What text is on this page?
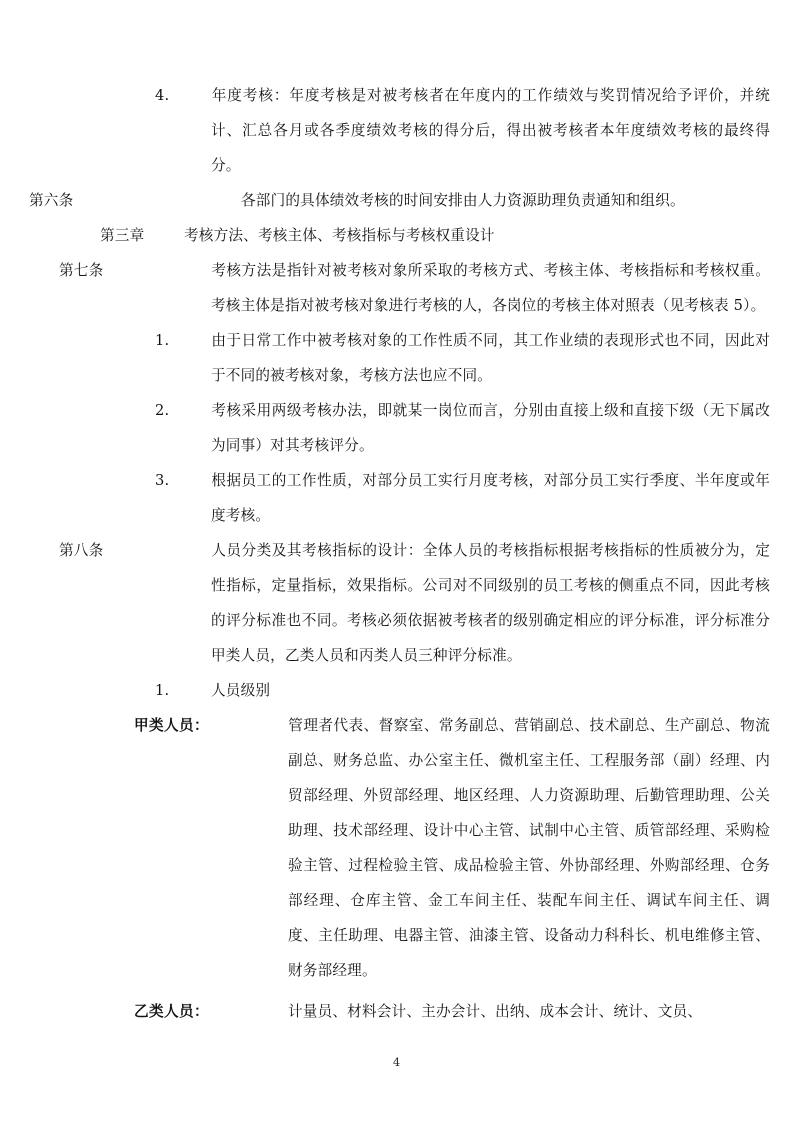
4.	年度考核：年度考核是对被考核者在年度内的工作绩效与奖罚情况给予评价，并统计、汇总各月或各季度绩效考核的得分后，得出被考核者本年度绩效考核的最终得分。

第六条	各部门的具体绩效考核的时间安排由人力资源助理负责通知和组织。

第三章	考核方法、考核主体、考核指标与考核权重设计

第七条	考核方法是指针对被考核对象所采取的考核方式、考核主体、考核指标和考核权重。考核主体是指对被考核对象进行考核的人，各岗位的考核主体对照表（见考核表 5）。

1.	由于日常工作中被考核对象的工作性质不同，其工作业绩的表现形式也不同，因此对于不同的被考核对象，考核方法也应不同。

2.	考核采用两级考核办法，即就某一岗位而言，分别由直接上级和直接下级（无下属改为同事）对其考核评分。

3.	根据员工的工作性质，对部分员工实行月度考核，对部分员工实行季度、半年度或年度考核。

第八条	人员分类及其考核指标的设计：全体人员的考核指标根据考核指标的性质被分为，定性指标，定量指标，效果指标。公司对不同级别的员工考核的侧重点不同，因此考核的评分标准也不同。考核必须依据被考核者的级别确定相应的评分标准，评分标准分甲类人员，乙类人员和丙类人员三种评分标准。

1.	人员级别

甲类人员：	管理者代表、督察室、常务副总、营销副总、技术副总、生产副总、物流副总、财务总监、办公室主任、微机室主任、工程服务部（副）经理、内贸部经理、外贸部经理、地区经理、人力资源助理、后勤管理助理、公关助理、技术部经理、设计中心主管、试制中心主管、质管部经理、采购检验主管、过程检验主管、成品检验主管、外协部经理、外购部经理、仓务部经理、仓库主管、金工车间主任、装配车间主任、调试车间主任、调度、主任助理、电器主管、油漆主管、设备动力科科长、机电维修主管、财务部经理。

乙类人员：	计量员、材料会计、主办会计、出纳、成本会计、统计、文员、

4
